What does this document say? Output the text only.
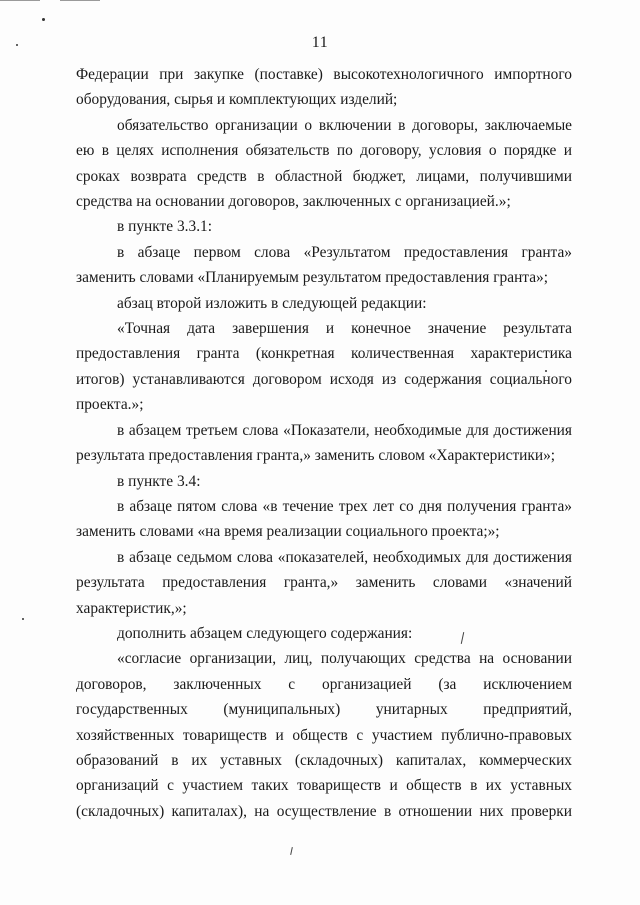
11

Федерации при закупке (поставке) высокотехнологичного импортного оборудования, сырья и комплектующих изделий;

обязательство организации о включении в договоры, заключаемые ею в целях исполнения обязательств по договору, условия о порядке и сроках возврата средств в областной бюджет, лицами, получившими средства на основании договоров, заключенных с организацией.»;

в пункте 3.3.1:

в абзаце первом слова «Результатом предоставления гранта» заменить словами «Планируемым результатом предоставления гранта»;

абзац второй изложить в следующей редакции:

«Точная дата завершения и конечное значение результата предоставления гранта (конкретная количественная характеристика итогов) устанавливаются договором исходя из содержания социального проекта.»;

в абзацем третьем слова «Показатели, необходимые для достижения результата предоставления гранта,» заменить словом «Характеристики»;

в пункте 3.4:

в абзаце пятом слова «в течение трех лет со дня получения гранта» заменить словами «на время реализации социального проекта;»;

в абзаце седьмом слова «показателей, необходимых для достижения результата предоставления гранта,» заменить словами «значений характеристик,»;

дополнить абзацем следующего содержания:

«согласие организации, лиц, получающих средства на основании договоров, заключенных с организацией (за исключением государственных (муниципальных) унитарных предприятий, хозяйственных товариществ и обществ с участием публично-правовых образований в их уставных (складочных) капиталах, коммерческих организаций с участием таких товариществ и обществ в их уставных (складочных) капиталах), на осуществление в отношении них проверки
